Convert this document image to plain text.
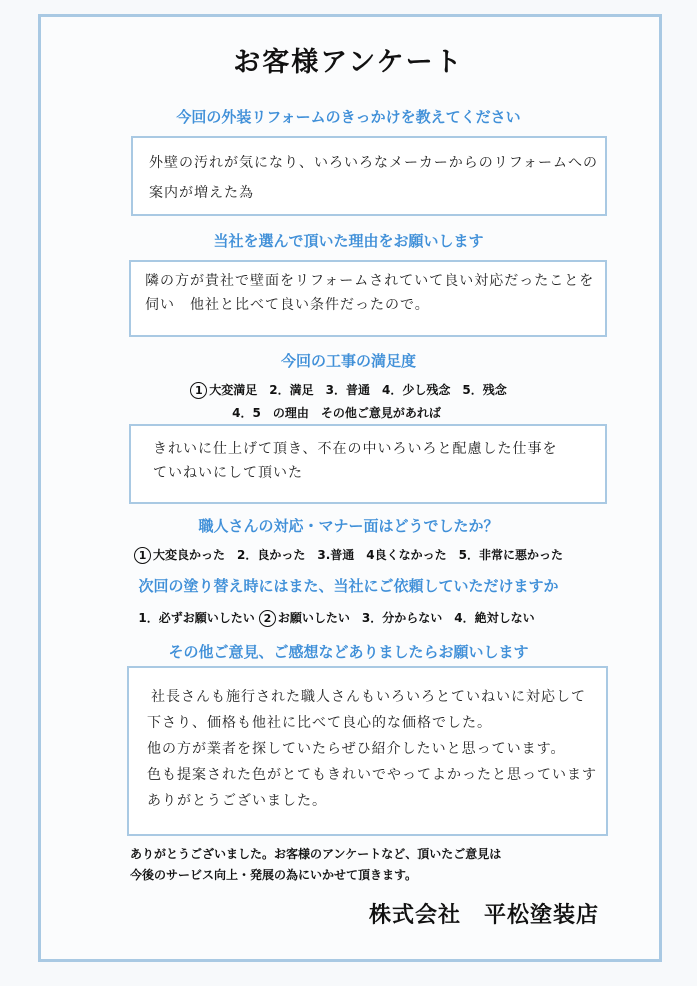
お客様アンケート
今回の外装リフォームのきっかけを教えてください
外壁の汚れが気になり、いろいろなメーカーからのリフォームへの
案内が増えた為
当社を選んで頂いた理由をお願いします
隣の方が貴社で壁面をリフォームされていて良い対応だったことを
伺い　他社と比べて良い条件だったので。
今回の工事の満足度
1 大変満足　2．満足　3．普通　4．少し残念　5．残念
4．5　の理由　その他ご意見があれば
きれいに仕上げて頂き、不在の中いろいろと配慮した仕事を
ていねいにして頂いた
職人さんの対応・マナー面はどうでしたか？
1 大変良かった　2．良かった　3.普通　4良くなかった　5．非常に悪かった
次回の塗り替え時にはまた、当社にご依頼していただけますか
1．必ずお願いしたい 2 お願いしたい　3．分からない　4．絶対しない
その他ご意見、ご感想などありましたらお願いします
社長さんも施行された職人さんもいろいろとていねいに対応して
下さり、価格も他社に比べて良心的な価格でした。
他の方が業者を探していたらぜひ紹介したいと思っています。
色も提案された色がとてもきれいでやってよかったと思っています
ありがとうございました。
ありがとうございました。お客様のアンケートなど、頂いたご意見は
今後のサービス向上・発展の為にいかせて頂きます。
株式会社　平松塗装店
